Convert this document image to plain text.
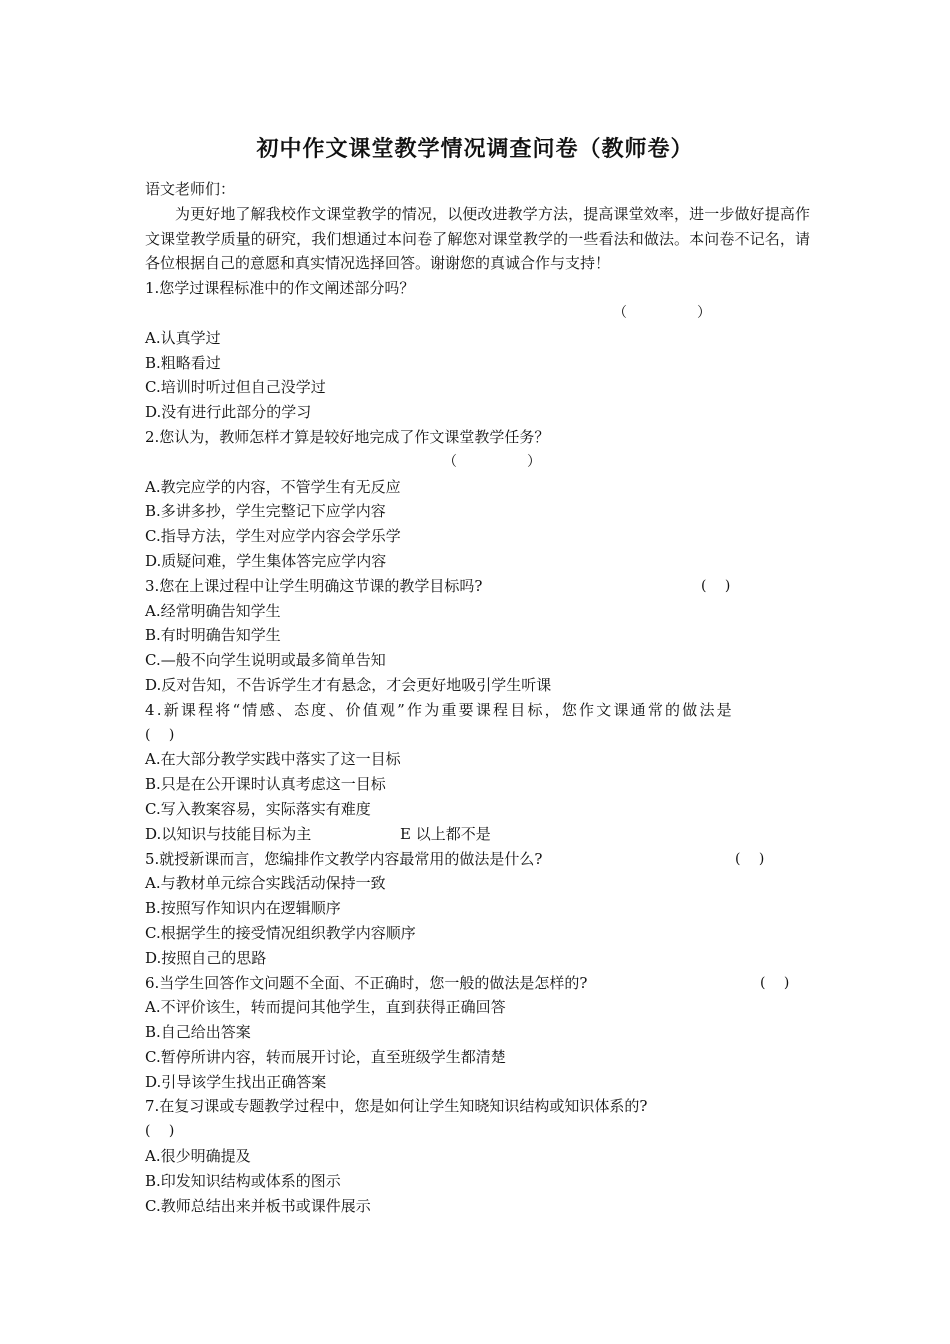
初中作文课堂教学情况调查问卷（教师卷）
语文老师们：
为更好地了解我校作文课堂教学的情况，以便改进教学方法，提高课堂效率，进一步做好提高作文课堂教学质量的研究，我们想通过本问卷了解您对课堂教学的一些看法和做法。本问卷不记名，请各位根据自己的意愿和真实情况选择回答。谢谢您的真诚合作与支持！
1.您学过课程标准中的作文阐述部分吗？
（　　　　　）
A.认真学过
B.粗略看过
C.培训时听过但自己没学过
D.没有进行此部分的学习
2.您认为，教师怎样才算是较好地完成了作文课堂教学任务？
（　　　　　）
A.教完应学的内容，不管学生有无反应
B.多讲多抄，学生完整记下应学内容
C.指导方法，学生对应学内容会学乐学
D.质疑问难，学生集体答完应学内容
3.您在上课过程中让学生明确这节课的教学目标吗?	(　 )
A.经常明确告知学生
B.有时明确告知学生
C.—般不向学生说明或最多简单告知
D.反对告知，不告诉学生才有悬念，才会更好地吸引学生听课
4.新课程将“情感、态度、价值观”作为重要课程目标，您作文课通常的做法是
(　 )
A.在大部分教学实践中落实了这一目标
B.只是在公开课时认真考虑这一目标
C.写入教案容易，实际落实有难度
D.以知识与技能目标为主	E 以上都不是
5.就授新课而言，您编排作文教学内容最常用的做法是什么?	(　 )
A.与教材单元综合实践活动保持一致
B.按照写作知识内在逻辑顺序
C.根据学生的接受情况组织教学内容顺序
D.按照自己的思路
6.当学生回答作文问题不全面、不正确时，您一般的做法是怎样的?	(　 )
A.不评价该生，转而提问其他学生，直到获得正确回答
B.自己给出答案
C.暂停所讲内容，转而展开讨论，直至班级学生都清楚
D.引导该学生找出正确答案
7.在复习课或专题教学过程中，您是如何让学生知晓知识结构或知识体系的?
(　 )
A.很少明确提及
B.印发知识结构或体系的图示
C.教师总结出来并板书或课件展示
